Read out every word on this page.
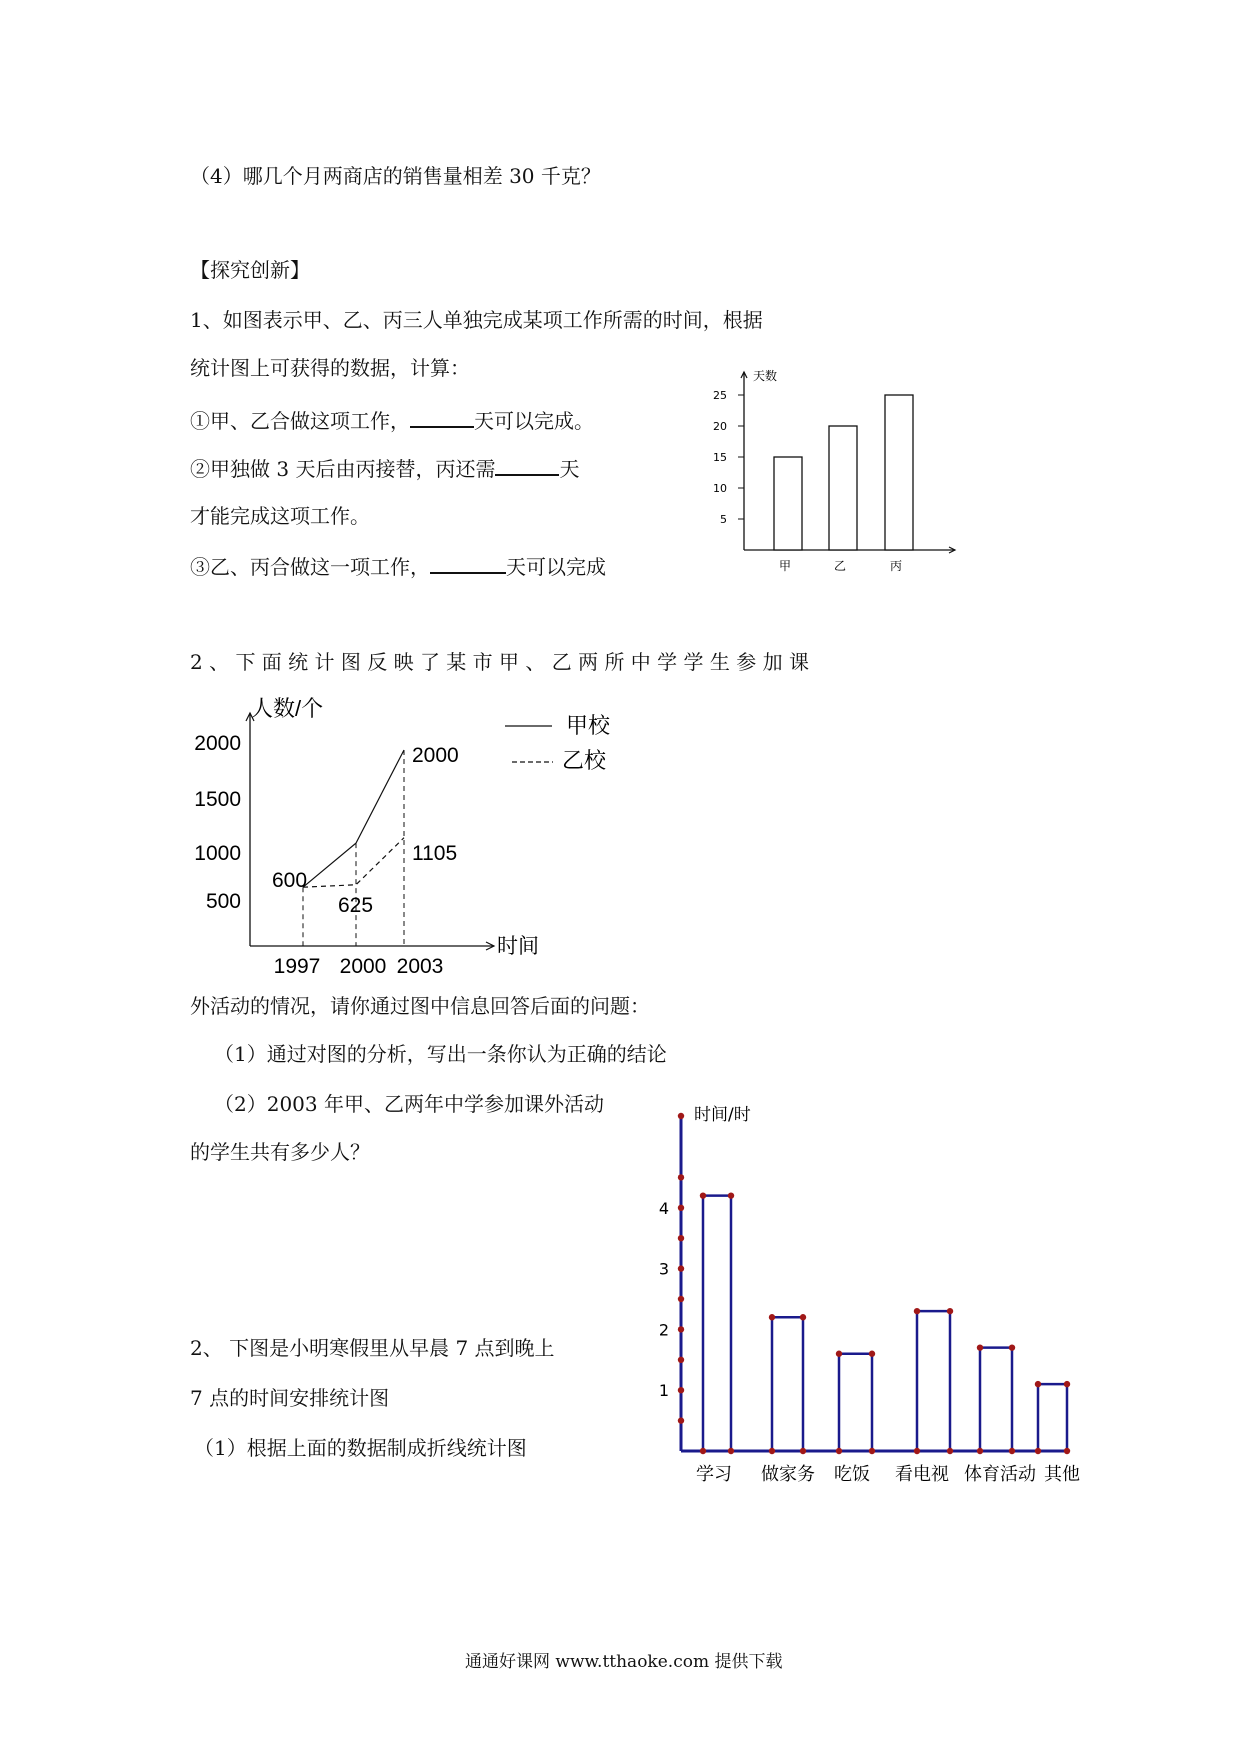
（4）哪几个月两商店的销售量相差 30 千克？
【探究创新】
1、如图表示甲、乙、丙三人单独完成某项工作所需的时间，根据
统计图上可获得的数据，计算：
①甲、乙合做这项工作，	天可以完成。
②甲独做 3 天后由丙接替，丙还需	天
才能完成这项工作。
③乙、丙合做这一项工作，	天可以完成
2 、 下 面 统 计 图 反 映 了 某 市 甲 、 乙 两 所 中 学 学 生 参 加 课
外活动的情况，请你通过图中信息回答后面的问题：
（1）通过对图的分析，写出一条你认为正确的结论
（2）2003 年甲、乙两年中学参加课外活动
的学生共有多少人？
2、 下图是小明寒假里从早晨 7 点到晚上
7 点的时间安排统计图
（1）根据上面的数据制成折线统计图
通通好课网 www.tthaoke.com 提供下载
天数
5
10
15
20
25
甲	乙	丙
人数/个
时间
500
1000
1500
2000
1997 2000 2003
600
625
2000
1105
甲校
乙校
时间/时
1
2
3
4
学习 做家务 吃饭 看电视 体育活动 其他
